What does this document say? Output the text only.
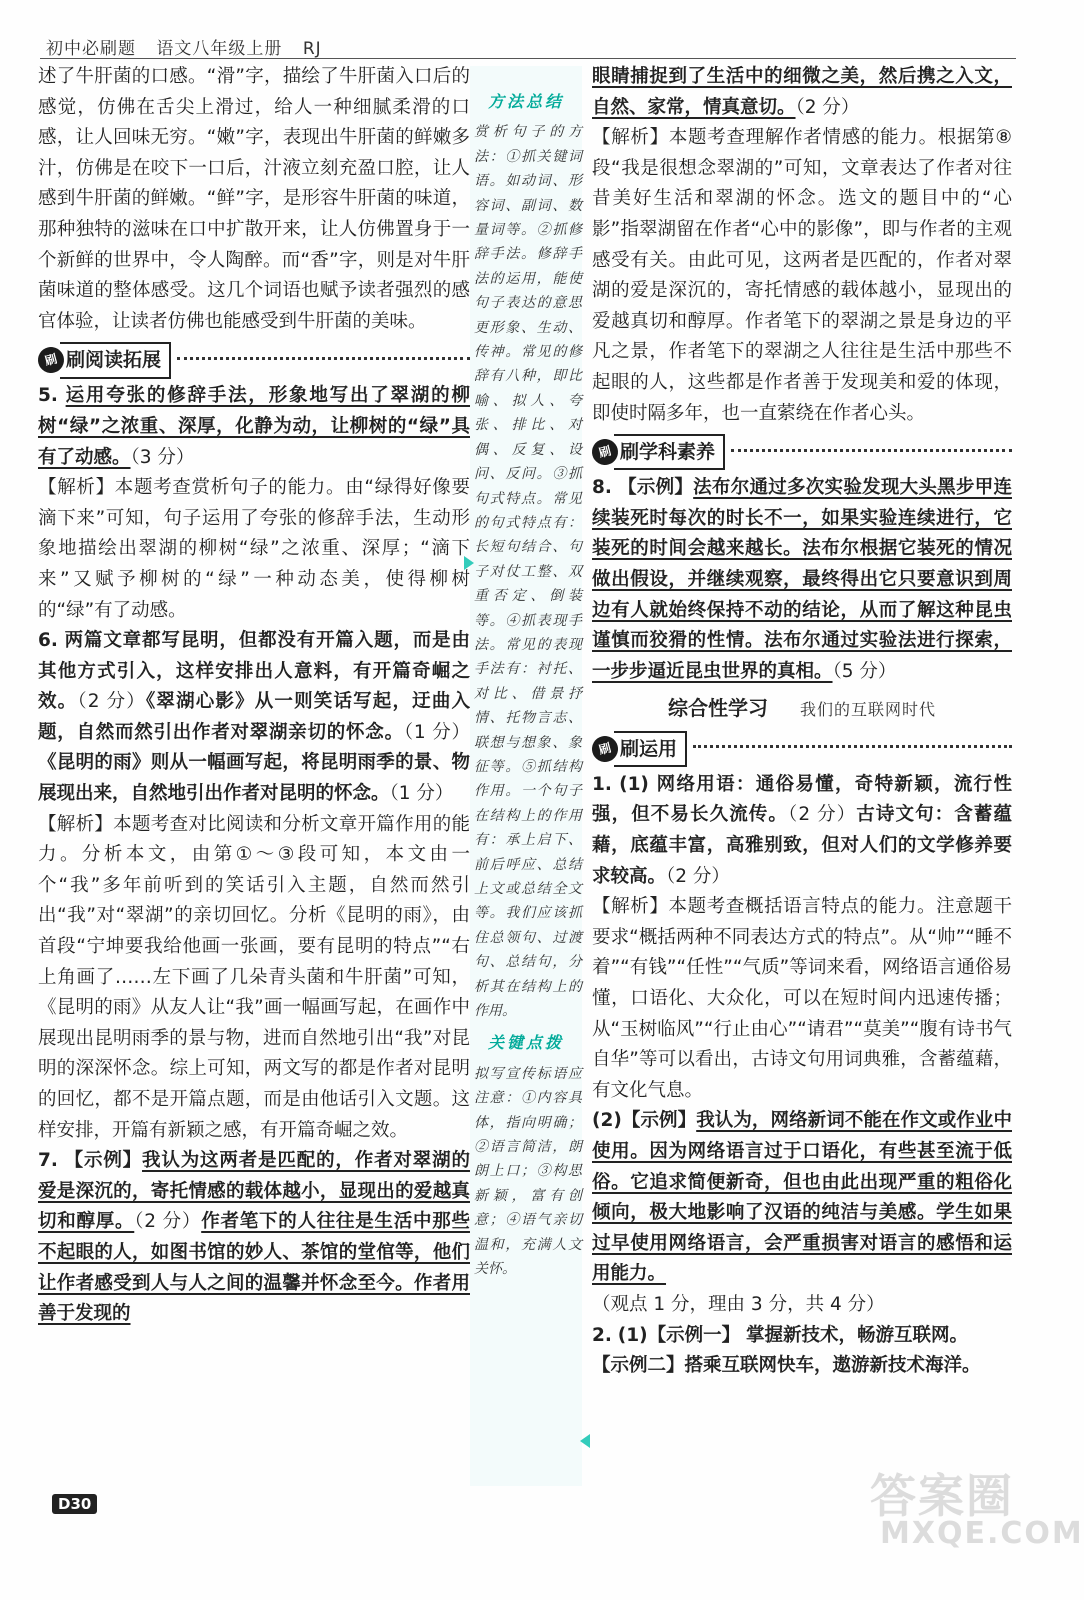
初中必刷题 语文八年级上册 RJ

述了牛肝菌的口感。“滑”字，描绘了牛肝菌入口后的感觉，仿佛在舌尖上滑过，给人一种细腻柔滑的口感，让人回味无穷。“嫩”字，表现出牛肝菌的鲜嫩多汁，仿佛是在咬下一口后，汁液立刻充盈口腔，让人感到牛肝菌的鲜嫩。“鲜”字，是形容牛肝菌的味道，那种独特的滋味在口中扩散开来，让人仿佛置身于一个新鲜的世界中，令人陶醉。而“香”字，则是对牛肝菌味道的整体感受。这几个词语也赋予读者强烈的感官体验，让读者仿佛也能感受到牛肝菌的美味。

刷 刷阅读拓展

5. 运用夸张的修辞手法，形象地写出了翠湖的柳树“绿”之浓重、深厚，化静为动，让柳树的“绿”具有了动感。（3 分）

【解析】本题考查赏析句子的能力。由“绿得好像要滴下来”可知，句子运用了夸张的修辞手法，生动形象地描绘出翠湖的柳树“绿”之浓重、深厚；“滴下来”又赋予柳树的“绿”一种动态美，使得柳树的“绿”有了动感。

6. 两篇文章都写昆明，但都没有开篇入题，而是由其他方式引入，这样安排出人意料，有开篇奇崛之效。（2 分）《翠湖心影》从一则笑话写起，迂曲入题，自然而然引出作者对翠湖亲切的怀念。（1 分）《昆明的雨》则从一幅画写起，将昆明雨季的景、物展现出来，自然地引出作者对昆明的怀念。（1 分）

【解析】本题考查对比阅读和分析文章开篇作用的能力。分析本文，由第①～③段可知，本文由一个“我”多年前听到的笑话引入主题，自然而然引出“我”对“翠湖”的亲切回忆。分析《昆明的雨》，由首段“宁坤要我给他画一张画，要有昆明的特点”“右上角画了……左下画了几朵青头菌和牛肝菌”可知，《昆明的雨》从友人让“我”画一幅画写起，在画作中展现出昆明雨季的景与物，进而自然地引出“我”对昆明的深深怀念。综上可知，两文写的都是作者对昆明的回忆，都不是开篇点题，而是由他话引入文题。这样安排，开篇有新颖之感，有开篇奇崛之效。

7. 【示例】我认为这两者是匹配的，作者对翠湖的爱是深沉的，寄托情感的载体越小，显现出的爱越真切和醇厚。（2 分）作者笔下的人往往是生活中那些不起眼的人，如图书馆的妙人、茶馆的堂倌等，他们让作者感受到人与人之间的温馨并怀念至今。作者用善于发现的

方法总结

赏析句子的方法：①抓关键词语。如动词、形容词、副词、数量词等。②抓修辞手法。修辞手法的运用，能使句子表达的意思更形象、生动、传神。常见的修辞有八种，即比喻、拟人、夸张、排比、对偶、反复、设问、反问。③抓句式特点。常见的句式特点有：长短句结合、句子对仗工整、双重否定、倒装等。④抓表现手法。常见的表现手法有：衬托、对比、借景抒情、托物言志、联想与想象、象征等。⑤抓结构作用。一个句子在结构上的作用有：承上启下、前后呼应、总结上文或总结全文等。我们应该抓住总领句、过渡句、总结句，分析其在结构上的作用。

关键点拨

拟写宣传标语应注意：①内容具体，指向明确；②语言简洁，朗朗上口；③构思新颖，富有创意；④语气亲切温和，充满人文关怀。

眼睛捕捉到了生活中的细微之美，然后携之入文，自然、家常，情真意切。（2 分）

【解析】本题考查理解作者情感的能力。根据第⑧段“我是很想念翠湖的”可知，文章表达了作者对往昔美好生活和翠湖的怀念。选文的题目中的“心影”指翠湖留在作者“心中的影像”，即与作者的主观感受有关。由此可见，这两者是匹配的，作者对翠湖的爱是深沉的，寄托情感的载体越小，显现出的爱越真切和醇厚。作者笔下的翠湖之景是身边的平凡之景，作者笔下的翠湖之人往往是生活中那些不起眼的人，这些都是作者善于发现美和爱的体现，即使时隔多年，也一直萦绕在作者心头。

刷 刷学科素养

8. 【示例】法布尔通过多次实验发现大头黑步甲连续装死时每次的时长不一，如果实验连续进行，它装死的时间会越来越长。法布尔根据它装死的情况做出假设，并继续观察，最终得出它只要意识到周边有人就始终保持不动的结论，从而了解这种昆虫谨慎而狡猾的性情。法布尔通过实验法进行探索，一步步逼近昆虫世界的真相。（5 分）

综合性学习 我们的互联网时代
刷 刷运用

1. (1) 网络用语：通俗易懂，奇特新颖，流行性强，但不易长久流传。（2 分）古诗文句：含蓄蕴藉，底蕴丰富，高雅别致，但对人们的文学修养要求较高。（2 分）

【解析】本题考查概括语言特点的能力。注意题干要求“概括两种不同表达方式的特点”。从“帅”“睡不着”“有钱”“任性”“气质”等词来看，网络语言通俗易懂，口语化、大众化，可以在短时间内迅速传播；从“玉树临风”“行止由心”“请君”“莫美”“腹有诗书气自华”等可以看出，古诗文句用词典雅，含蓄蕴藉，有文化气息。

(2)【示例】我认为，网络新词不能在作文或作业中使用。因为网络语言过于口语化，有些甚至流于低俗。它追求简便新奇，但也由此出现严重的粗俗化倾向，极大地影响了汉语的纯洁与美感。学生如果过早使用网络语言，会严重损害对语言的感悟和运用能力。

（观点 1 分，理由 3 分，共 4 分）

2. (1)【示例一】 掌握新技术，畅游互联网。

【示例二】搭乘互联网快车，遨游新技术海洋。

D30	答案圈
MXQE.COM
